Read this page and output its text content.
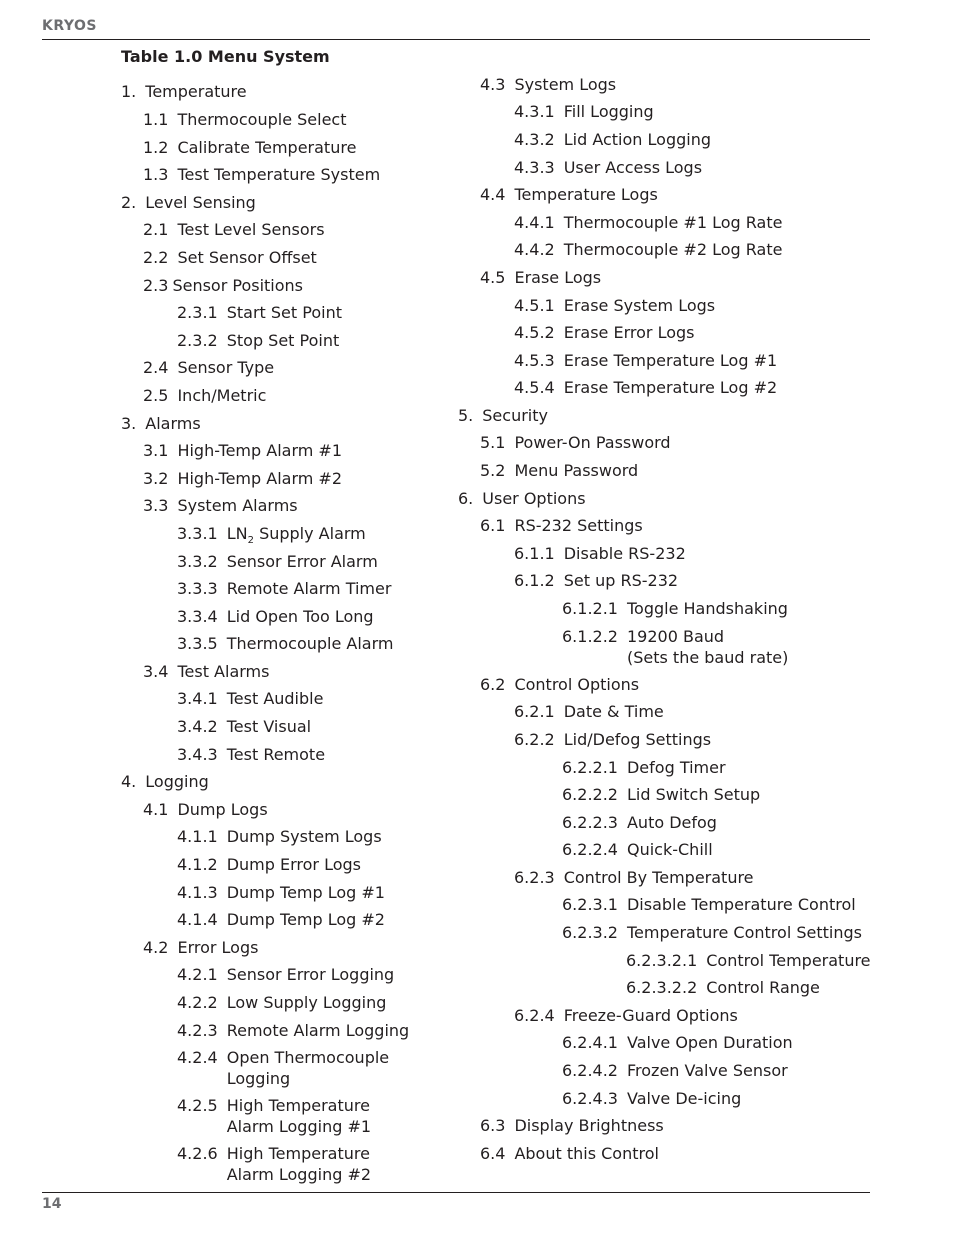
KRYOS
Table 1.0 Menu System
1. Temperature
1.1 Thermocouple Select
1.2 Calibrate Temperature
1.3 Test Temperature System
2. Level Sensing
2.1 Test Level Sensors
2.2 Set Sensor Offset
2.3 Sensor Positions
2.3.1 Start Set Point
2.3.2 Stop Set Point
2.4 Sensor Type
2.5 Inch/Metric
3. Alarms
3.1 High-Temp Alarm #1
3.2 High-Temp Alarm #2
3.3 System Alarms
3.3.1 $LN_2$ Supply Alarm
3.3.2 Sensor Error Alarm
3.3.3 Remote Alarm Timer
3.3.4 Lid Open Too Long
3.3.5 Thermocouple Alarm
3.4 Test Alarms
3.4.1 Test Audible
3.4.2 Test Visual
3.4.3 Test Remote
4. Logging
4.1 Dump Logs
4.1.1 Dump System Logs
4.1.2 Dump Error Logs
4.1.3 Dump Temp Log #1
4.1.4 Dump Temp Log #2
4.2 Error Logs
4.2.1 Sensor Error Logging
4.2.2 Low Supply Logging
4.2.3 Remote Alarm Logging
4.2.4 Open Thermocouple
Logging
4.2.5 High Temperature
Alarm Logging #1
4.2.6 High Temperature
Alarm Logging #2
4.3 System Logs
4.3.1 Fill Logging
4.3.2 Lid Action Logging
4.3.3 User Access Logs
4.4 Temperature Logs
4.4.1 Thermocouple #1 Log Rate
4.4.2 Thermocouple #2 Log Rate
4.5 Erase Logs
4.5.1 Erase System Logs
4.5.2 Erase Error Logs
4.5.3 Erase Temperature Log #1
4.5.4 Erase Temperature Log #2
5. Security
5.1 Power-On Password
5.2 Menu Password
6. User Options
6.1 RS-232 Settings
6.1.1 Disable RS-232
6.1.2 Set up RS-232
6.1.2.1 Toggle Handshaking
6.1.2.2 19200 Baud
(Sets the baud rate)
6.2 Control Options
6.2.1 Date & Time
6.2.2 Lid/Defog Settings
6.2.2.1 Defog Timer
6.2.2.2 Lid Switch Setup
6.2.2.3 Auto Defog
6.2.2.4 Quick-Chill
6.2.3 Control By Temperature
6.2.3.1 Disable Temperature Control
6.2.3.2 Temperature Control Settings
6.2.3.2.1 Control Temperature
6.2.3.2.2 Control Range
6.2.4 Freeze-Guard Options
6.2.4.1 Valve Open Duration
6.2.4.2 Frozen Valve Sensor
6.2.4.3 Valve De-icing
6.3 Display Brightness
6.4 About this Control
14
